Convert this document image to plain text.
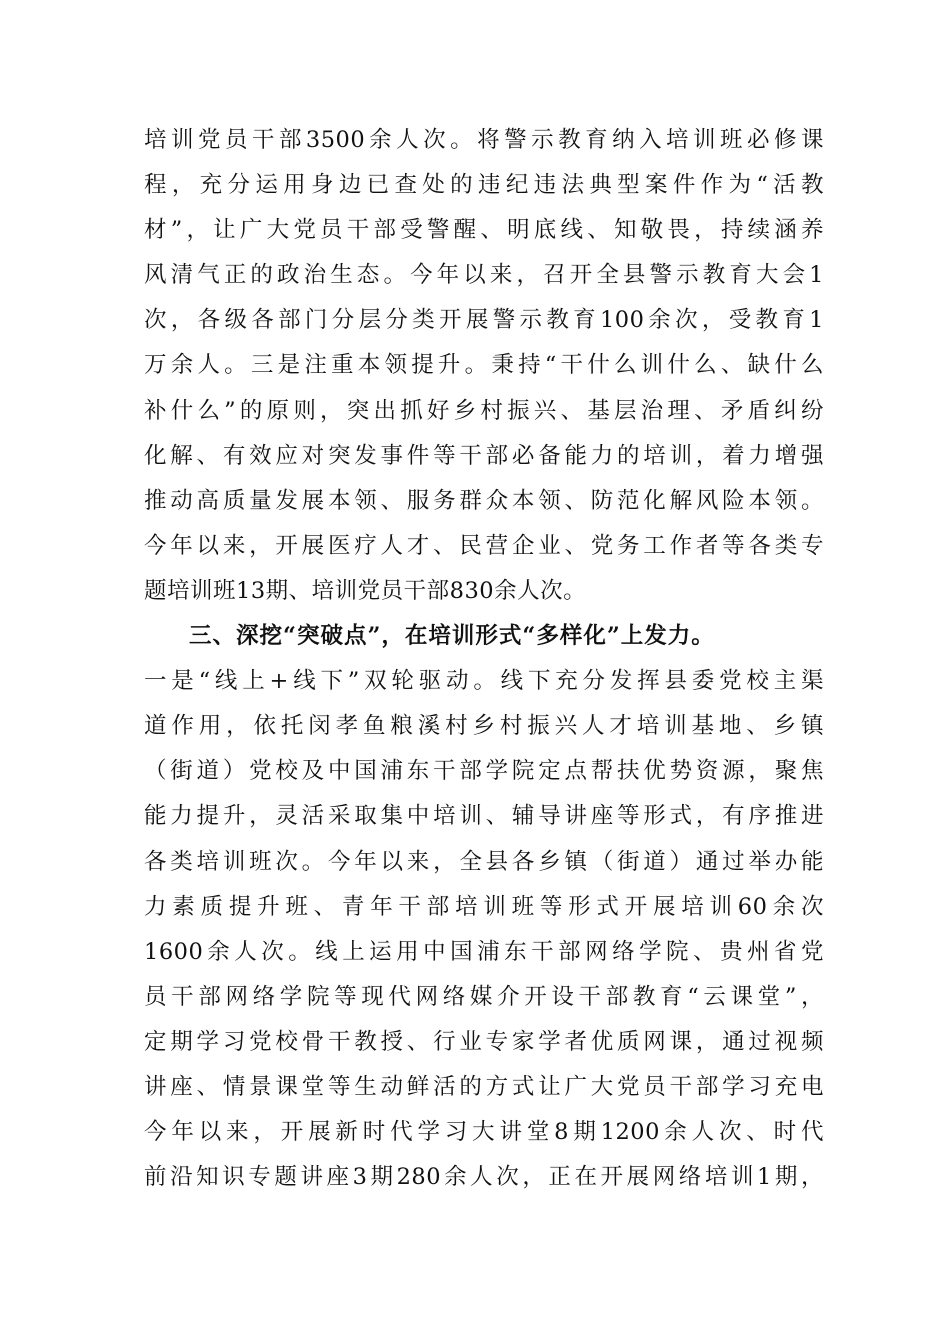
培训党员干部3500余人次。将警示教育纳入培训班必修课
程，充分运用身边已查处的违纪违法典型案件作为“活教
材”，让广大党员干部受警醒、明底线、知敬畏，持续涵养
风清气正的政治生态。今年以来，召开全县警示教育大会1
次，各级各部门分层分类开展警示教育100余次，受教育1
万余人。三是注重本领提升。秉持“干什么训什么、缺什么
补什么”的原则，突出抓好乡村振兴、基层治理、矛盾纠纷
化解、有效应对突发事件等干部必备能力的培训，着力增强
推动高质量发展本领、服务群众本领、防范化解风险本领。
今年以来，开展医疗人才、民营企业、党务工作者等各类专
题培训班13期、培训党员干部830余人次。
三、深挖“突破点”，在培训形式“多样化”上发力。
一是“线上+线下”双轮驱动。线下充分发挥县委党校主渠
道作用，依托闵孝鱼粮溪村乡村振兴人才培训基地、乡镇
（街道）党校及中国浦东干部学院定点帮扶优势资源，聚焦
能力提升，灵活采取集中培训、辅导讲座等形式，有序推进
各类培训班次。今年以来，全县各乡镇（街道）通过举办能
力素质提升班、青年干部培训班等形式开展培训60余次
1600余人次。线上运用中国浦东干部网络学院、贵州省党
员干部网络学院等现代网络媒介开设干部教育“云课堂”，
定期学习党校骨干教授、行业专家学者优质网课，通过视频
讲座、情景课堂等生动鲜活的方式让广大党员干部学习充电
今年以来，开展新时代学习大讲堂8期1200余人次、时代
前沿知识专题讲座3期280余人次，正在开展网络培训1期，
